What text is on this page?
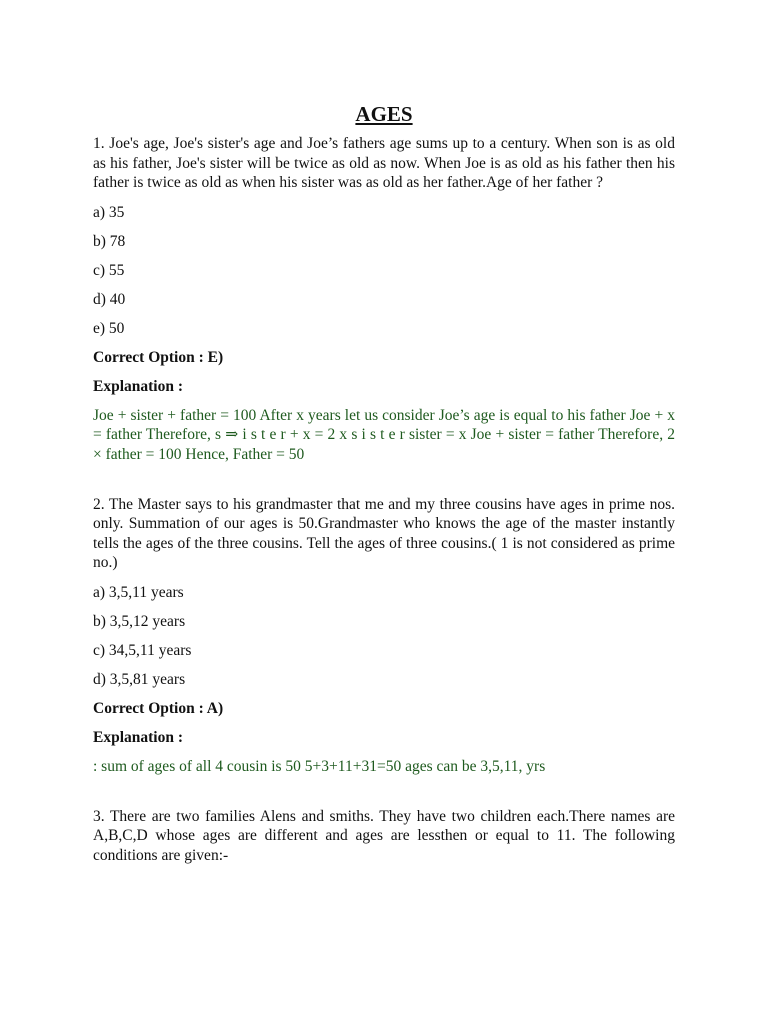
AGES

1. Joe's age, Joe's sister's age and Joe’s fathers age sums up to a century. When son is as old as his father, Joe's sister will be twice as old as now. When Joe is as old as his father then his father is twice as old as when his sister was as old as her father.Age of her father ?

a) 35

b) 78

c) 55

d) 40

e) 50

Correct Option : E)

Explanation :

Joe + sister + father = 100 After x years let us consider Joe’s age is equal to his father Joe + x = father Therefore, s ⇒ i s t e r + x = 2 x s i s t e r sister = x Joe + sister = father Therefore, 2 × father = 100 Hence, Father = 50

2. The Master says to his grandmaster that me and my three cousins have ages in prime nos. only. Summation of our ages is 50.Grandmaster who knows the age of the master instantly tells the ages of the three cousins. Tell the ages of three cousins.( 1 is not considered as prime no.)

a) 3,5,11 years

b) 3,5,12 years

c) 34,5,11 years

d) 3,5,81 years

Correct Option : A)

Explanation :

: sum of ages of all 4 cousin is 50 5+3+11+31=50 ages can be 3,5,11, yrs

3. There are two families Alens and smiths. They have two children each.There names are A,B,C,D whose ages are different and ages are lessthen or equal to 11. The following conditions are given:-
